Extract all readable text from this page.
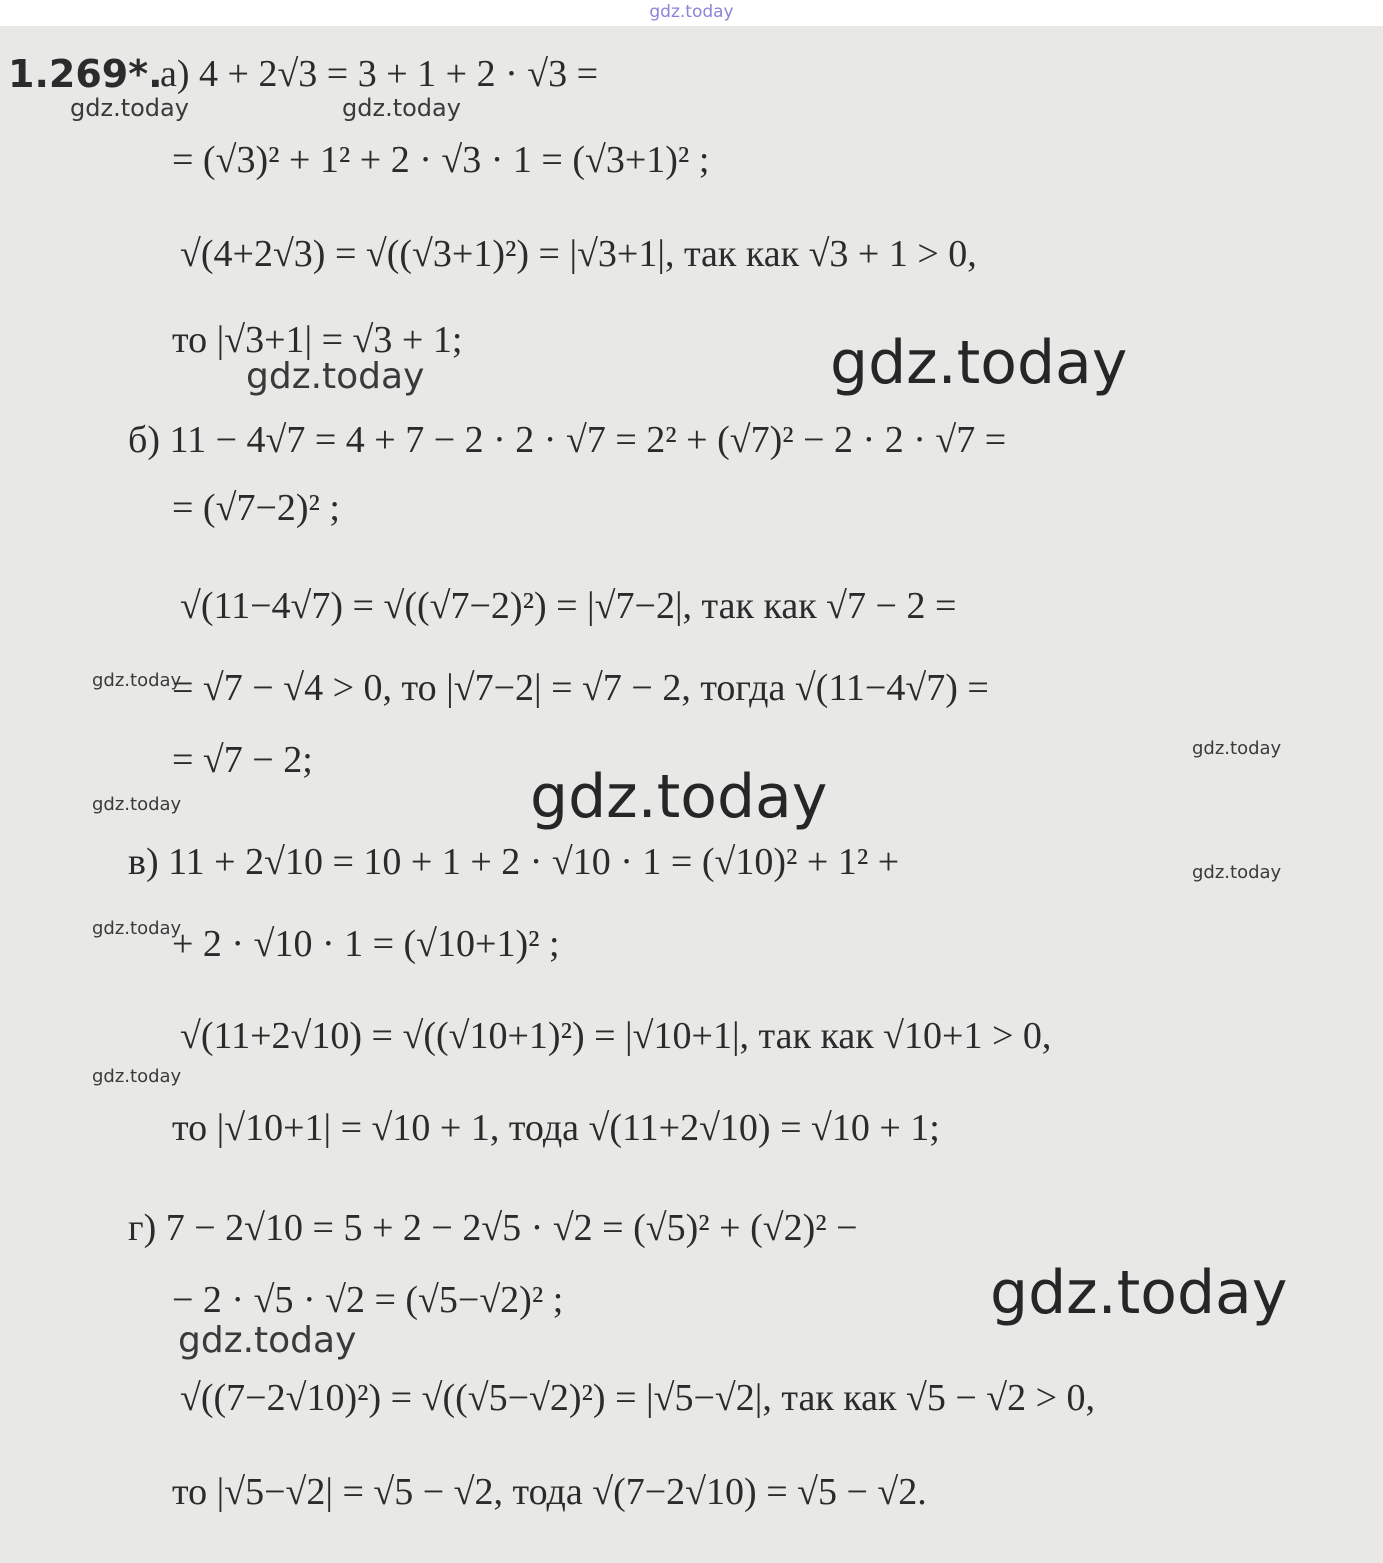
gdz.today
1.269*.
а) 4 + 2√3 = 3 + 1 + 2 · √3 =
= (√3)² + 1² + 2 · √3 · 1 = (√3+1)² ;
√(4+2√3) = √((√3+1)²) = |√3+1|, так как √3 + 1 > 0,
то |√3+1| = √3 + 1;
б) 11 − 4√7 = 4 + 7 − 2 · 2 · √7 = 2² + (√7)² − 2 · 2 · √7 =
= (√7−2)² ;
√(11−4√7) = √((√7−2)²) = |√7−2|, так как √7 − 2 =
= √7 − √4 > 0, то |√7−2| = √7 − 2, тогда √(11−4√7) =
= √7 − 2;
в) 11 + 2√10 = 10 + 1 + 2 · √10 · 1 = (√10)² + 1² +
+ 2 · √10 · 1 = (√10+1)² ;
√(11+2√10) = √((√10+1)²) = |√10+1|, так как √10+1 > 0,
то |√10+1| = √10 + 1, тода √(11+2√10) = √10 + 1;
г) 7 − 2√10 = 5 + 2 − 2√5 · √2 = (√5)² + (√2)² −
− 2 · √5 · √2 = (√5−√2)² ;
√((7−2√10)²) = √((√5−√2)²) = |√5−√2|, так как √5 − √2 > 0,
то |√5−√2| = √5 − √2, тода √(7−2√10) = √5 − √2.
gdz.today	gdz.today
gdz.today	gdz.today
gdz.today
gdz.today
gdz.today	gdz.today
gdz.today
gdz.today
gdz.today
gdz.today
gdz.today
